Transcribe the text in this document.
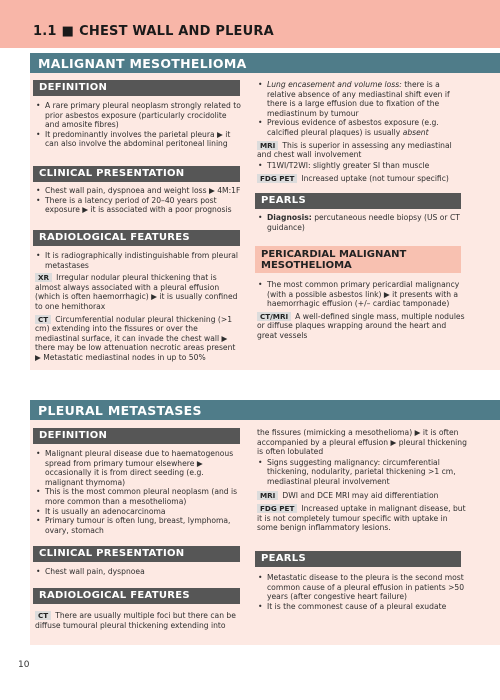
1.1 ■ CHEST WALL AND PLEURA
MALIGNANT MESOTHELIOMA
DEFINITION
• A rare primary pleural neoplasm strongly related to prior asbestos exposure (particularly crocidolite and amosite fibres)
• It predominantly involves the parietal pleura ▶ it can also involve the abdominal peritoneal lining
CLINICAL PRESENTATION
• Chest wall pain, dyspnoea and weight loss ▶ 4M:1F
• There is a latency period of 20–40 years post exposure ▶ it is associated with a poor prognosis
RADIOLOGICAL FEATURES
• It is radiographically indistinguishable from pleural metastases
XR Irregular nodular pleural thickening that is almost always associated with a pleural effusion (which is often haemorrhagic) ▶ it is usually confined to one hemithorax
CT Circumferential nodular pleural thickening (>1 cm) extending into the fissures or over the mediastinal surface, it can invade the chest wall ▶ there may be low attenuation necrotic areas present ▶ Metastatic mediastinal nodes in up to 50%
• Lung encasement and volume loss: there is a relative absence of any mediastinal shift even if there is a large effusion due to fixation of the mediastinum by tumour
• Previous evidence of asbestos exposure (e.g. calcified pleural plaques) is usually absent
MRI This is superior in assessing any mediastinal and chest wall involvement
• T1WI/T2WI: slightly greater SI than muscle
FDG PET Increased uptake (not tumour specific)
PEARLS
• Diagnosis: percutaneous needle biopsy (US or CT guidance)
PERICARDIAL MALIGNANT
MESOTHELIOMA
• The most common primary pericardial malignancy (with a possible asbestos link) ▶ it presents with a haemorrhagic effusion (+/– cardiac tamponade)
CT/MRI A well-defined single mass, multiple nodules or diffuse plaques wrapping around the heart and great vessels
PLEURAL METASTASES
DEFINITION
• Malignant pleural disease due to haematogenous spread from primary tumour elsewhere ▶ occasionally it is from direct seeding (e.g. malignant thymoma)
• This is the most common pleural neoplasm (and is more common than a mesothelioma)
• It is usually an adenocarcinoma
• Primary tumour is often lung, breast, lymphoma, ovary, stomach
CLINICAL PRESENTATION
• Chest wall pain, dyspnoea
RADIOLOGICAL FEATURES
CT There are usually multiple foci but there can be diffuse tumoural pleural thickening extending into
the fissures (mimicking a mesothelioma) ▶ it is often accompanied by a pleural effusion ▶ pleural thickening is often lobulated
• Signs suggesting malignancy: circumferential thickening, nodularity, parietal thickening >1 cm, mediastinal pleural involvement
MRI DWI and DCE MRI may aid differentiation
FDG PET Increased uptake in malignant disease, but it is not completely tumour specific with uptake in some benign inflammatory lesions.
PEARLS
• Metastatic disease to the pleura is the second most common cause of a pleural effusion in patients >50 years (after congestive heart failure)
• It is the commonest cause of a pleural exudate
10
